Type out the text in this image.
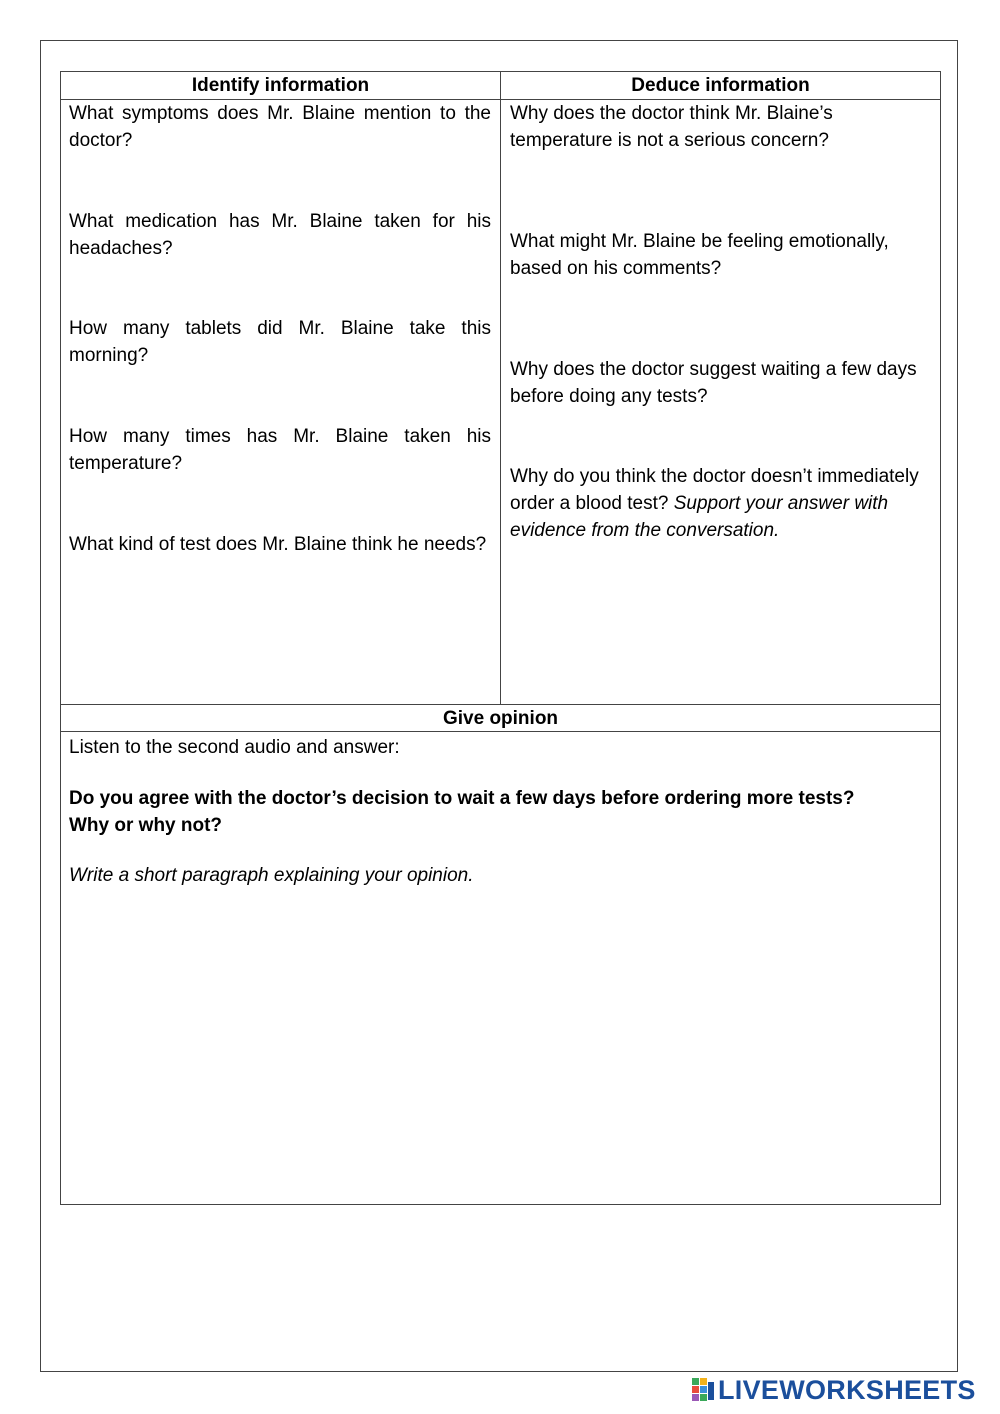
Identify information	Deduce information
What symptoms does Mr. Blaine mention to the doctor?
What medication has Mr. Blaine taken for his headaches?
How many tablets did Mr. Blaine take this morning?
How many times has Mr. Blaine taken his temperature?
What kind of test does Mr. Blaine think he needs?
Why does the doctor think Mr. Blaine’s temperature is not a serious concern?
What might Mr. Blaine be feeling emotionally, based on his comments?
Why does the doctor suggest waiting a few days before doing any tests?
Why do you think the doctor doesn’t immediately order a blood test? Support your answer with evidence from the conversation.
Give opinion
Listen to the second audio and answer:
Do you agree with the doctor’s decision to wait a few days before ordering more tests?
Why or why not?
Write a short paragraph explaining your opinion.
LIVEWORKSHEETS
